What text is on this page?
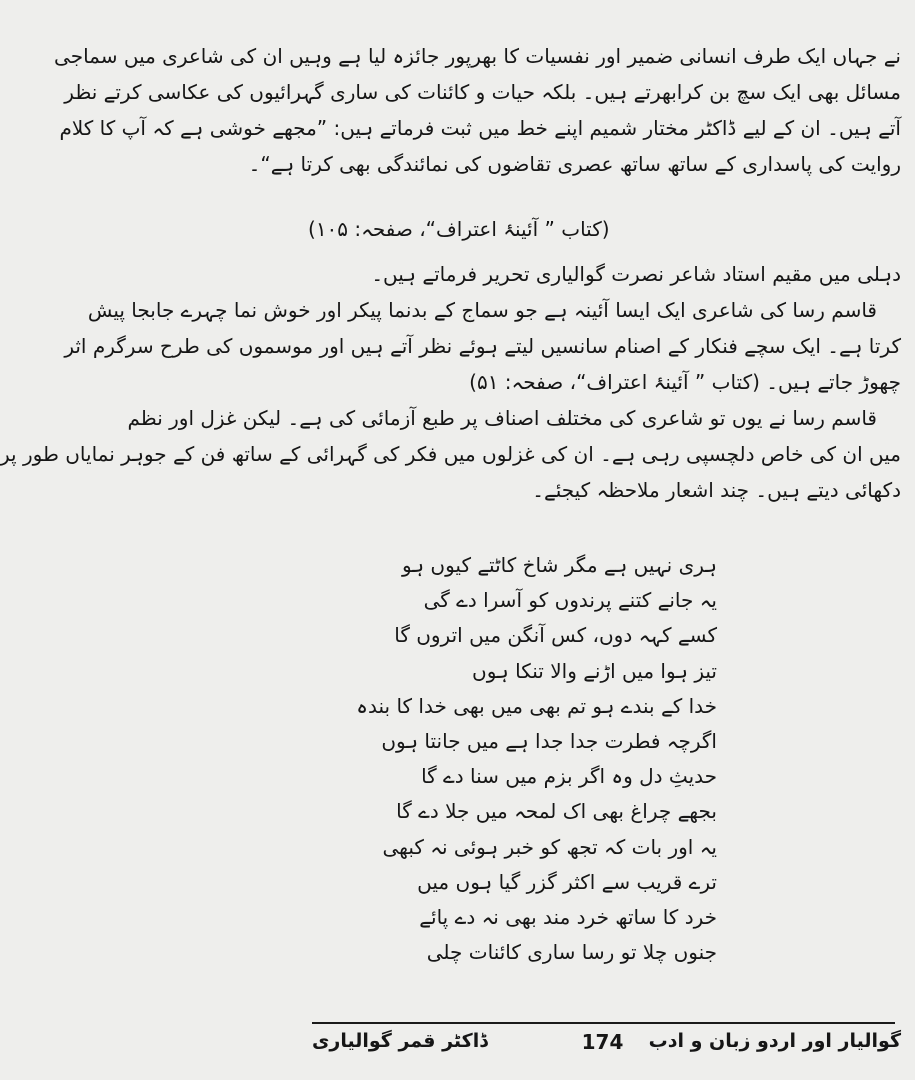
نے جہاں ایک طرف انسانی ضمیر اور نفسیات کا بھرپور جائزہ لیا ہے وہیں ان کی شاعری میں سماجی
مسائل بھی ایک سچ بن کرابھرتے ہیں۔ بلکہ حیات و کائنات کی ساری گہرائیوں کی عکاسی کرتے نظر
آتے ہیں۔ ان کے لیے ڈاکٹر مختار شمیم اپنے خط میں ثبت فرماتے ہیں: ”مجھے خوشی ہے کہ آپ کا کلام
روایت کی پاسداری کے ساتھ ساتھ عصری تقاضوں کی نمائندگی بھی کرتا ہے“۔
(کتاب ” آئینۂ اعتراف“، صفحہ: ۱۰۵)
دہلی میں مقیم استاد شاعر نصرت گوالیاری تحریر فرماتے ہیں۔
قاسم رسا کی شاعری ایک ایسا آئینہ ہے جو سماج کے بدنما پیکر اور خوش نما چہرے جابجا پیش
کرتا ہے۔ ایک سچے فنکار کے اصنام سانسیں لیتے ہوئے نظر آتے ہیں اور موسموں کی طرح سرگرم اثر
چھوڑ جاتے ہیں۔ (کتاب ” آئینۂ اعتراف“، صفحہ: ۵۱)
قاسم رسا نے یوں تو شاعری کی مختلف اصناف پر طبع آزمائی کی ہے۔ لیکن غزل اور نظم
میں ان کی خاص دلچسپی رہی ہے۔ ان کی غزلوں میں فکر کی گہرائی کے ساتھ فن کے جوہر نمایاں طور پر
دکھائی دیتے ہیں۔ چند اشعار ملاحظہ کیجئے۔
ہری نہیں ہے مگر شاخ کاٹتے کیوں ہو
یہ جانے کتنے پرندوں کو آسرا دے گی
کسے کہہ دوں، کس آنگن میں اتروں گا
تیز ہوا میں اڑنے والا تنکا ہوں
خدا کے بندے ہو تم بھی میں بھی خدا کا بندہ
اگرچہ فطرت جدا جدا ہے میں جانتا ہوں
حدیثِ دل وہ اگر بزم میں سنا دے گا
بجھے چراغ بھی اک لمحہ میں جلا دے گا
یہ اور بات کہ تجھ کو خبر ہوئی نہ کبھی
ترے قریب سے اکثر گزر گیا ہوں میں
خرد کا ساتھ خرد مند بھی نہ دے پائے
جنوں چلا تو رسا ساری کائنات چلی
گوالیار اور اردو زبان و ادب
174
ڈاکٹر قمر گوالیاری
